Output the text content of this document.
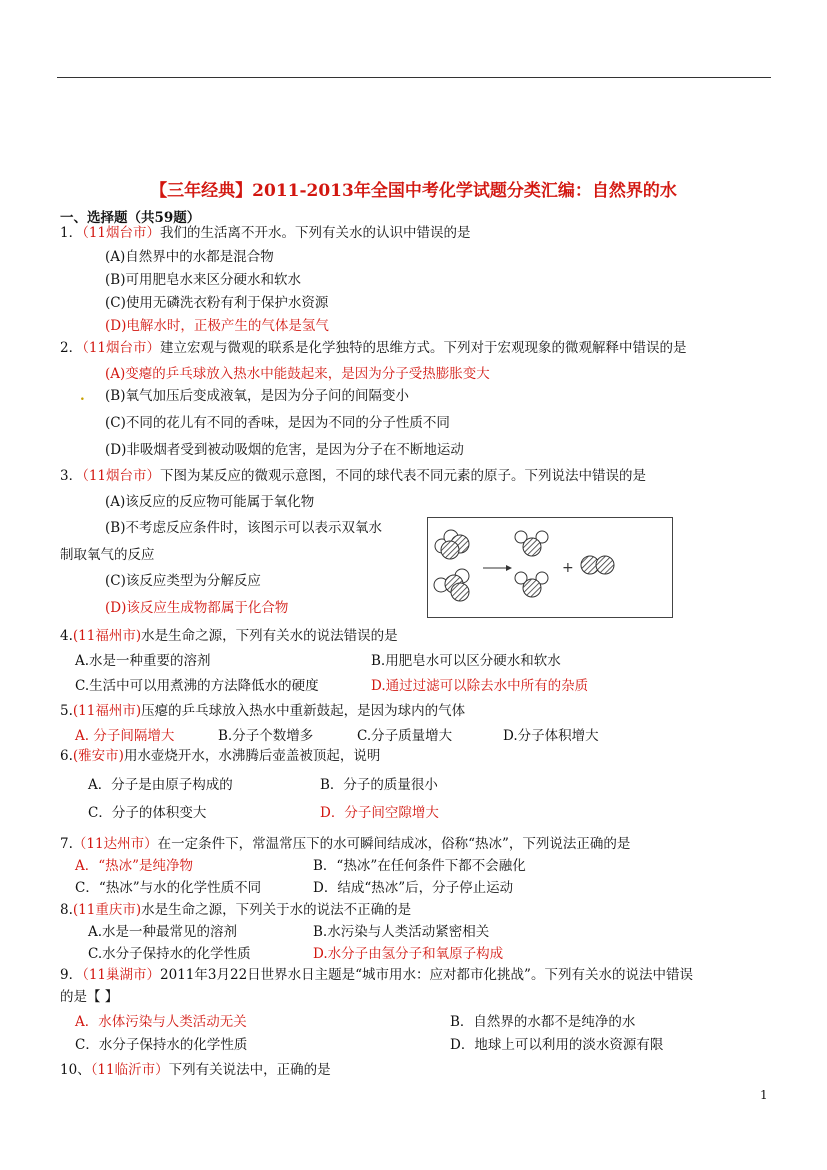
【三年经典】2011-2013年全国中考化学试题分类汇编：自然界的水
一、选择题（共59题）
1．（11烟台市）我们的生活离不开水。下列有关水的认识中错误的是
(A)自然界中的水都是混合物
(B)可用肥皂水来区分硬水和软水
(C)使用无磷洗衣粉有利于保护水资源
(D)电解水时，正极产生的气体是氢气
2．（11烟台市）建立宏观与微观的联系是化学独特的思维方式。下列对于宏观现象的微观解释中错误的是
(A)变瘪的乒乓球放入热水中能鼓起来，是因为分子受热膨胀变大
. (B)氧气加压后变成液氧，是因为分子问的间隔变小
(C)不同的花儿有不同的香味，是因为不同的分子性质不同
(D)非吸烟者受到被动吸烟的危害，是因为分子在不断地运动
3．（11烟台市）下图为某反应的微观示意图，不同的球代表不同元素的原子。下列说法中错误的是
(A)该反应的反应物可能属于氧化物
(B)不考虑反应条件时，该图示可以表示双氧水
制取氧气的反应
(C)该反应类型为分解反应
(D)该反应生成物都属于化合物
+
4.(11福州市)水是生命之源，下列有关水的说法错误的是
A.水是一种重要的溶剂	B.用肥皂水可以区分硬水和软水
C.生活中可以用煮沸的方法降低水的硬度	D.通过过滤可以除去水中所有的杂质
5.(11福州市)压瘪的乒乓球放入热水中重新鼓起，是因为球内的气体
A. 分子间隔增大	B.分子个数增多	C.分子质量增大	D.分子体积增大
6.(雅安市)用水壶烧开水，水沸腾后壶盖被顶起，说明
A．分子是由原子构成的	B．分子的质量很小
C．分子的体积变大	D．分子间空隙增大
7.（11达州市）在一定条件下，常温常压下的水可瞬间结成冰，俗称“热冰”，下列说法正确的是
A．“热冰”是纯净物	B．“热冰”在任何条件下都不会融化
C．“热冰”与水的化学性质不同	D．结成“热冰”后，分子停止运动
8.(11重庆市)水是生命之源，下列关于水的说法不正确的是
A.水是一种最常见的溶剂	B.水污染与人类活动紧密相关
C.水分子保持水的化学性质	D.水分子由氢分子和氧原子构成
9．（11巢湖市）2011年3月22日世界水日主题是“城市用水：应对都市化挑战”。下列有关水的说法中错误
的是【 】
A．水体污染与人类活动无关	B．自然界的水都不是纯净的水
C．水分子保持水的化学性质	D．地球上可以利用的淡水资源有限
10、（11临沂市）下列有关说法中，正确的是
1
